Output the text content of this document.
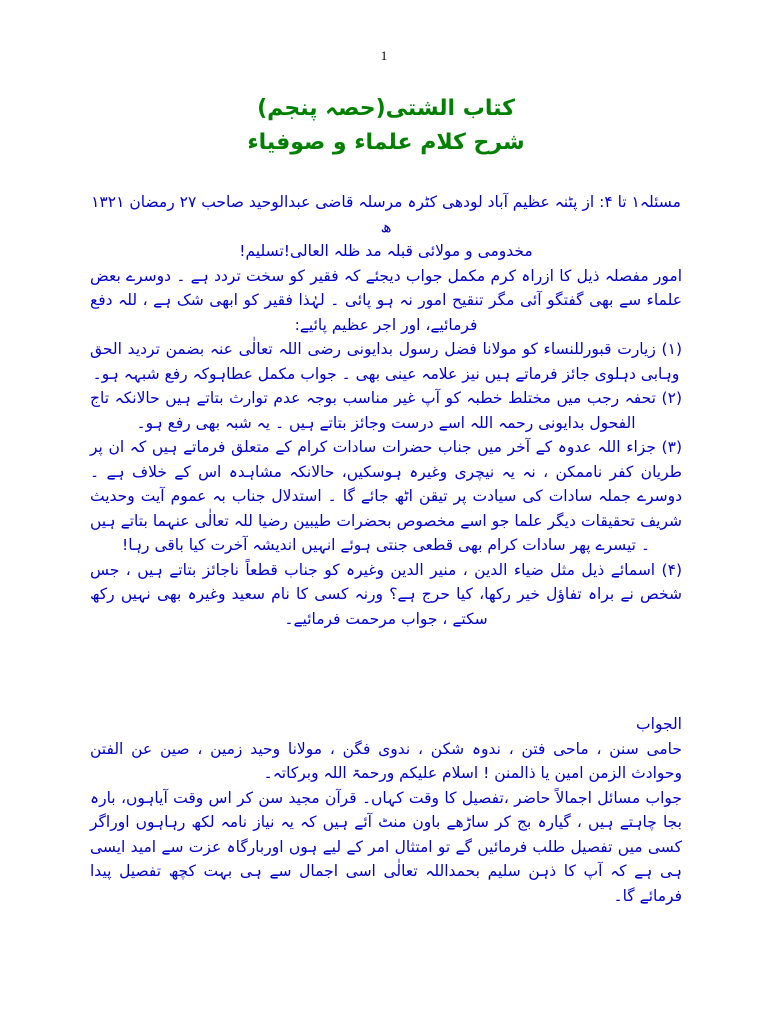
1
کتاب الشتی(حصہ پنجم)
شرح کلام علماء و صوفیاء

مسئلہ۱ تا ۴: از پٹنہ عظیم آباد لودھی کٹرہ مرسلہ قاضی عبدالوحید صاحب ۲۷ رمضان ۱۳۲۱ ھ

مخدومی و مولائی قبلہ مد ظلہ العالی!تسلیم!

امور مفصلہ ذیل کا ازراہ کرم مکمل جواب دیجئے کہ فقیر کو سخت تردد ہے ۔ دوسرے بعض علماء سے بھی گفتگو آئی مگر تنقیح امور نہ ہو پائی ۔ لہٰذا فقیر کو ابھی شک ہے ، للہ دفع فرمائیے، اور اجر عظیم پائیے:

(۱) زیارت قبورللنساء کو مولانا فضل رسول بدایونی رضی اللہ تعالٰی عنہ بضمن تردید الحق وہابی دہلوی جائز فرماتے ہیں نیز علامہ عینی بھی ۔ جواب مکمل عطاہوکہ رفع شبہہ ہو۔

(۲) تحفہ رجب میں مختلط خطبہ کو آپ غیر مناسب بوجہ عدم توارث بتاتے ہیں حالانکہ تاج الفحول بدایونی رحمہ اللہ اسے درست وجائز بتاتے ہیں ۔ یہ شبہ بھی رفع ہو۔

(۳) جزاء اللہ عدوہ کے آخر میں جناب حضرات سادات کرام کے متعلق فرماتے ہیں کہ ان پر طریان کفر ناممکن ، نہ یہ نیچری وغیرہ ہوسکیں، حالانکہ مشاہدہ اس کے خلاف ہے ۔ دوسرے جملہ سادات کی سیادت پر تیقن اٹھ جائے گا ۔ استدلال جناب بہ عموم آیت وحدیث شریف تحقیقات دیگر علما جو اسے مخصوص بحضرات طیبین رضیا للہ تعالٰی عنہما بتاتے ہیں ۔ تیسرے پھر سادات کرام بھی قطعی جنتی ہوئے انہیں اندیشہ آخرت کیا باقی رہا!

(۴) اسمائے ذیل مثل ضیاء الدین ، منیر الدین وغیرہ کو جناب قطعاً ناجائز بتاتے ہیں ، جس شخص نے براہ تفاؤل خیر رکھا، کیا حرج ہے؟ ورنہ کسی کا نام سعید وغیرہ بھی نہیں رکھ سکتے ، جواب مرحمت فرمائیے۔

الجواب

حامی سنن ، ماحی فتن ، ندوہ شکن ، ندوی فگن ، مولانا وحید زمین ، صین عن الفتن وحوادث الزمن امین یا ذالمنن ! اسلام علیکم ورحمۃ اللہ وبرکاتہ۔

جواب مسائل اجمالاً حاضر ،تفصیل کا وقت کہاں۔ قرآن مجید سن کر اس وقت آیاہوں، بارہ بجا چاہتے ہیں ، گیارہ بج کر ساڑھے باون منٹ آئے ہیں کہ یہ نیاز نامہ لکھ رہاہوں اوراگر کسی میں تفصیل طلب فرمائیں گے تو امتثال امر کے لیے ہوں اوربارگاہ عزت سے امید ایسی ہی ہے کہ آپ کا ذہن سلیم بحمداللہ تعالٰی اسی اجمال سے ہی بہت کچھ تفصیل پیدا فرمائے گا۔
